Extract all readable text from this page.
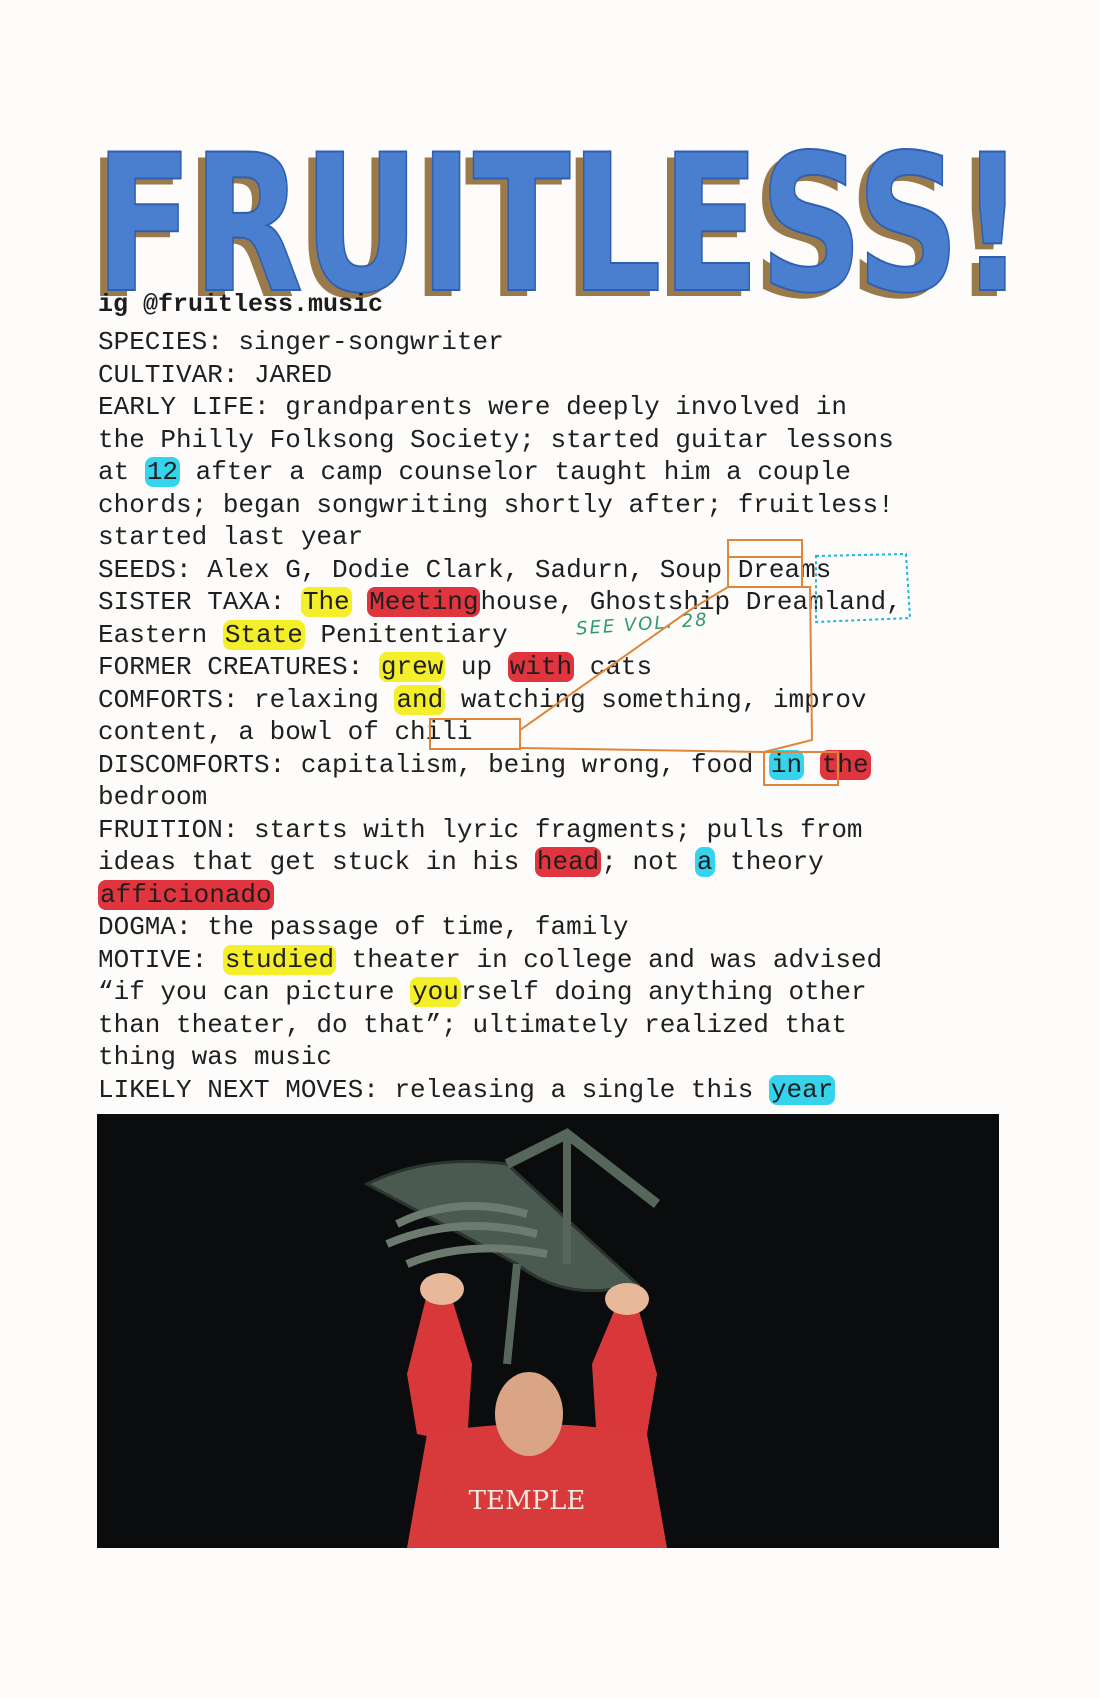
FRUITLESS!
FRUITLESS!
ig @fruitless.music
SPECIES: singer-songwriter
CULTIVAR: JARED
EARLY LIFE: grandparents were deeply involved in
the Philly Folksong Society; started guitar lessons
at 12 after a camp counselor taught him a couple
chords; began songwriting shortly after; fruitless!
started last year
SEEDS: Alex G, Dodie Clark, Sadurn, Soup Dreams
SISTER TAXA: The Meetinghouse, Ghostship Dreamland,
Eastern State Penitentiary
FORMER CREATURES: grew up with cats
COMFORTS: relaxing and watching something, improv
content, a bowl of chili
DISCOMFORTS: capitalism, being wrong, food in the
bedroom
FRUITION: starts with lyric fragments; pulls from
ideas that get stuck in his head; not a theory
afficionado
DOGMA: the passage of time, family
MOTIVE: studied theater in college and was advised
“if you can picture yourself doing anything other
than theater, do that”; ultimately realized that
thing was music
LIKELY NEXT MOVES: releasing a single this year
SEE VOL. 28
TEMPLE
